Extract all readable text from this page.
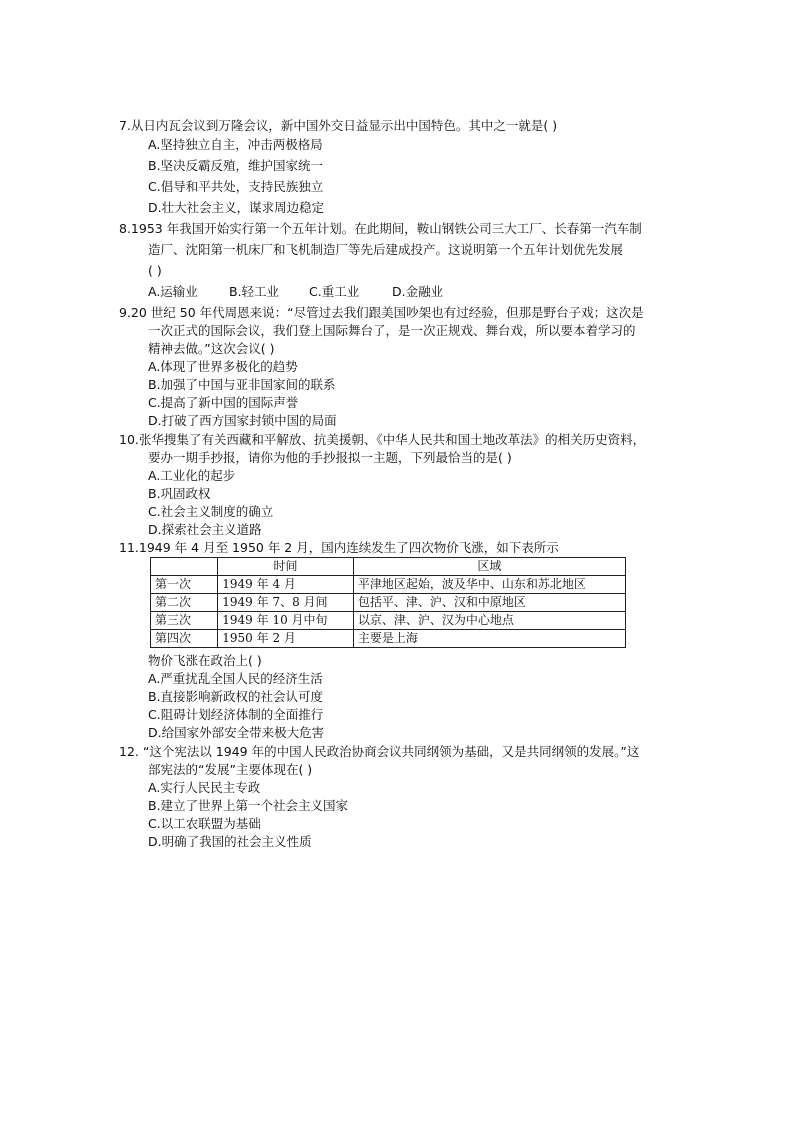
7.从日内瓦会议到万隆会议，新中国外交日益显示出中国特色。其中之一就是( )
A.坚持独立自主，冲击两极格局
B.坚决反霸反殖，维护国家统一
C.倡导和平共处，支持民族独立
D.壮大社会主义，谋求周边稳定
8.1953 年我国开始实行第一个五年计划。在此期间，鞍山钢铁公司三大工厂、长春第一汽车制
造厂、沈阳第一机床厂和飞机制造厂等先后建成投产。这说明第一个五年计划优先发展
( )
A.运输业 B.轻工业 C.重工业	D.金融业
9.20 世纪 50 年代周恩来说：“尽管过去我们跟美国吵架也有过经验，但那是野台子戏；这次是
一次正式的国际会议，我们登上国际舞台了，是一次正规戏、舞台戏，所以要本着学习的
精神去做。”这次会议( )
A.体现了世界多极化的趋势
B.加强了中国与亚非国家间的联系
C.提高了新中国的国际声誉
D.打破了西方国家封锁中国的局面
10.张华搜集了有关西藏和平解放、抗美援朝、《中华人民共和国土地改革法》的相关历史资料，
要办一期手抄报，请你为他的手抄报拟一主题，下列最恰当的是( )
A.工业化的起步
B.巩固政权
C.社会主义制度的确立
D.探索社会主义道路
11.1949 年 4 月至 1950 年 2 月，国内连续发生了四次物价飞涨，如下表所示
	时间	区域
第一次	1949 年 4 月	平津地区起始，波及华中、山东和苏北地区
第二次	1949 年 7、8 月间	包括平、津、沪、汉和中原地区
第三次	1949 年 10 月中旬	以京、津、沪、汉为中心地点
第四次	1950 年 2 月	主要是上海
物价飞涨在政治上( )
A.严重扰乱全国人民的经济生活
B.直接影响新政权的社会认可度
C.阻碍计划经济体制的全面推行
D.给国家外部安全带来极大危害
12. “这个宪法以 1949 年的中国人民政治协商会议共同纲领为基础，又是共同纲领的发展。”这
部宪法的“发展”主要体现在( )
A.实行人民民主专政
B.建立了世界上第一个社会主义国家
C.以工农联盟为基础
D.明确了我国的社会主义性质
